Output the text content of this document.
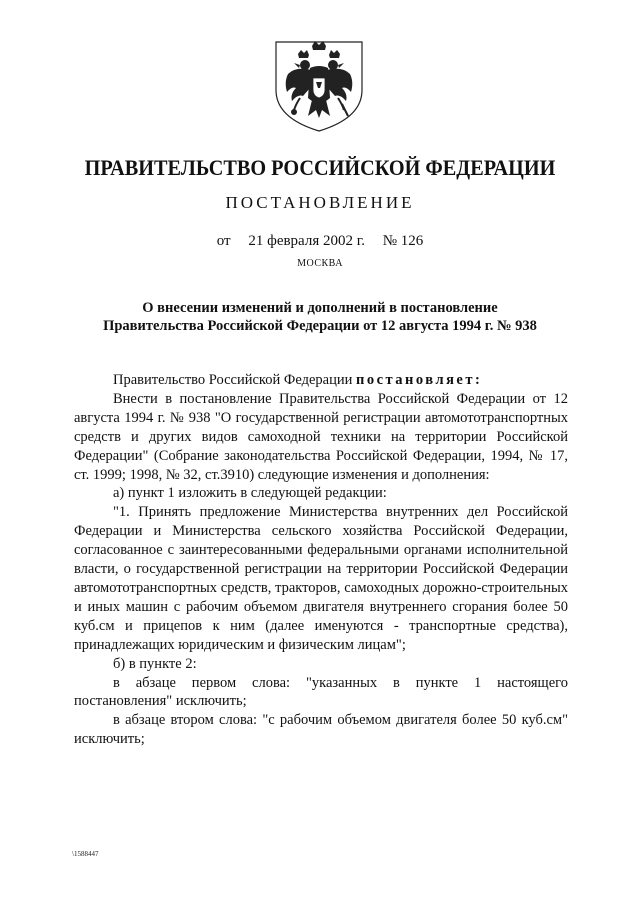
ПРАВИТЕЛЬСТВО РОССИЙСКОЙ ФЕДЕРАЦИИ
ПОСТАНОВЛЕНИЕ
от 21 февраля 2002 г. № 126
МОСКВА
О внесении изменений и дополнений в постановление
Правительства Российской Федерации от 12 августа 1994 г. № 938

Правительство Российской Федерации постановляет:

Внести в постановление Правительства Российской Федерации от 12 августа 1994 г. № 938 "О государственной регистрации автомототранспортных средств и других видов самоходной техники на территории Российской Федерации" (Собрание законодательства Российской Федерации, 1994, № 17, ст. 1999; 1998, № 32, ст.3910) следующие изменения и дополнения:

а) пункт 1 изложить в следующей редакции:

"1. Принять предложение Министерства внутренних дел Российской Федерации и Министерства сельского хозяйства Российской Федерации, согласованное с заинтересованными федеральными органами исполнительной власти, о государственной регистрации на территории Российской Федерации автомототранспортных средств, тракторов, самоходных дорожно-строительных и иных машин с рабочим объемом двигателя внутреннего сгорания более 50 куб.см и прицепов к ним (далее именуются - транспортные средства), принадлежащих юридическим и физическим лицам";

б) в пункте 2:

в абзаце первом слова: "указанных в пункте 1 настоящего постановления" исключить;

в абзаце втором слова: "с рабочим объемом двигателя более 50 куб.см" исключить;

\1588447
